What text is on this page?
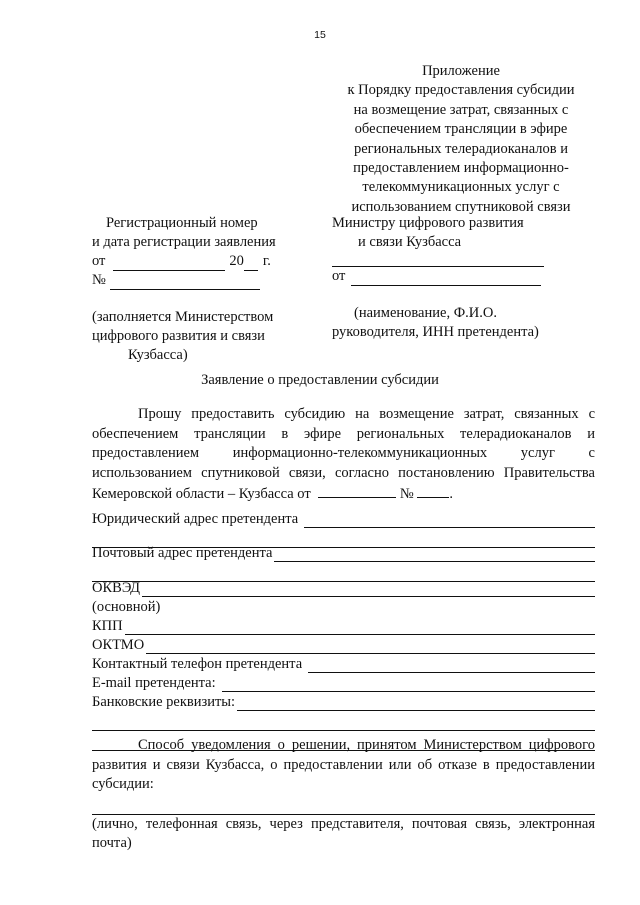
15
Приложение
к Порядку предоставления субсидии
на возмещение затрат, связанных с
обеспечением трансляции в эфире
региональных телерадиоканалов и
предоставлением информационно-
телекоммуникационных услуг с
использованием спутниковой связи
Регистрационный номер
и дата регистрации заявления
от	20 г.
№
(заполняется Министерством
цифрового развития и связи
Кузбасса)
Министру цифрового развития
и связи Кузбасса
от
(наименование, Ф.И.О.
руководителя, ИНН претендента)
Заявление о предоставлении субсидии
Прошу предоставить субсидию на возмещение затрат, связанных с обеспечением трансляции в эфире региональных телерадиоканалов и предоставлением информационно-телекоммуникационных услуг с использованием спутниковой связи, согласно постановлению Правительства Кемеровской области – Кузбасса от	№ .
Юридический адрес претендента
Почтовый адрес претендента
ОКВЭД
(основной)
КПП
ОКТМО
Контактный телефон претендента
E-mail претендента:
Банковские реквизиты:
Способ уведомления о решении, принятом Министерством цифрового развития и связи Кузбасса, о предоставлении или об отказе в предоставлении субсидии:
(лично, телефонная связь, через представителя, почтовая связь, электронная почта)
